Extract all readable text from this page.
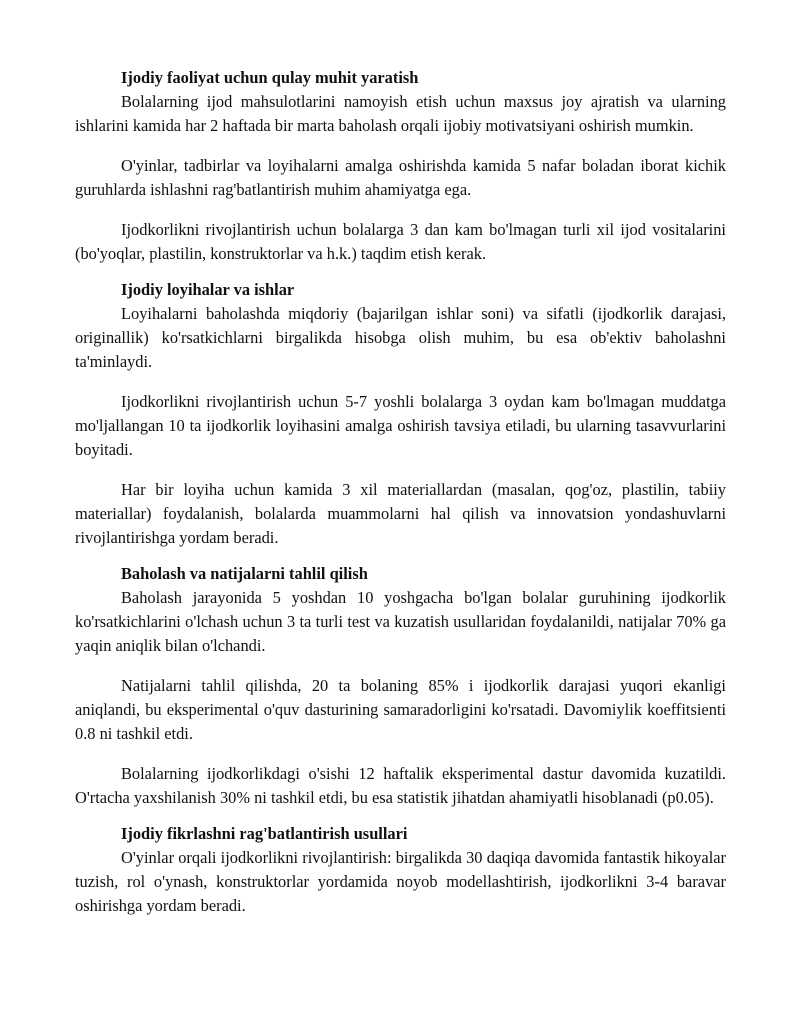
Ijodiy faoliyat uchun qulay muhit yaratish

Bolalarning ijod mahsulotlarini namoyish etish uchun maxsus joy ajratish va ularning ishlarini kamida har 2 haftada bir marta baholash orqali ijobiy motivatsiyani oshirish mumkin.

O'yinlar, tadbirlar va loyihalarni amalga oshirishda kamida 5 nafar boladan iborat kichik guruhlarda ishlashni rag'batlantirish muhim ahamiyatga ega.

Ijodkorlikni rivojlantirish uchun bolalarga 3 dan kam bo'lmagan turli xil ijod vositalarini (bo'yoqlar, plastilin, konstruktorlar va h.k.) taqdim etish kerak.

Ijodiy loyihalar va ishlar

Loyihalarni baholashda miqdoriy (bajarilgan ishlar soni) va sifatli (ijodkorlik darajasi, originallik) ko'rsatkichlarni birgalikda hisobga olish muhim, bu esa ob'ektiv baholashni ta'minlaydi.

Ijodkorlikni rivojlantirish uchun 5-7 yoshli bolalarga 3 oydan kam bo'lmagan muddatga mo'ljallangan 10 ta ijodkorlik loyihasini amalga oshirish tavsiya etiladi, bu ularning tasavvurlarini boyitadi.

Har bir loyiha uchun kamida 3 xil materiallardan (masalan, qog'oz, plastilin, tabiiy materiallar) foydalanish, bolalarda muammolarni hal qilish va innovatsion yondashuvlarni rivojlantirishga yordam beradi.

Baholash va natijalarni tahlil qilish

Baholash jarayonida 5 yoshdan 10 yoshgacha bo'lgan bolalar guruhining ijodkorlik ko'rsatkichlarini o'lchash uchun 3 ta turli test va kuzatish usullaridan foydalanildi, natijalar 70% ga yaqin aniqlik bilan o'lchandi.

Natijalarni tahlil qilishda, 20 ta bolaning 85% i ijodkorlik darajasi yuqori ekanligi aniqlandi, bu eksperimental o'quv dasturining samaradorligini ko'rsatadi. Davomiylik koeffitsienti 0.8 ni tashkil etdi.

Bolalarning ijodkorlikdagi o'sishi 12 haftalik eksperimental dastur davomida kuzatildi. O'rtacha yaxshilanish 30% ni tashkil etdi, bu esa statistik jihatdan ahamiyatli hisoblanadi (p0.05).

Ijodiy fikrlashni rag'batlantirish usullari

O'yinlar orqali ijodkorlikni rivojlantirish: birgalikda 30 daqiqa davomida fantastik hikoyalar tuzish, rol o'ynash, konstruktorlar yordamida noyob modellashtirish, ijodkorlikni 3-4 baravar oshirishga yordam beradi.
